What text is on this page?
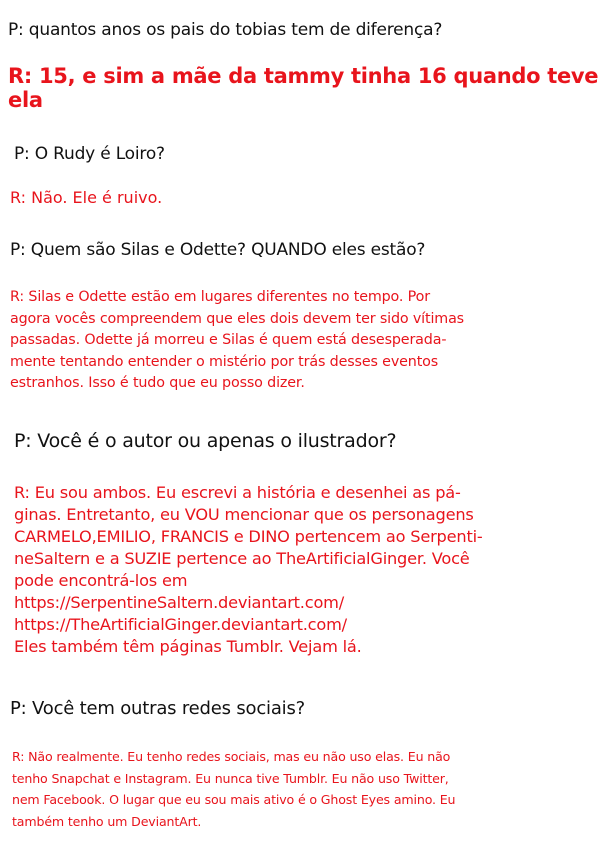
P: quantos anos os pais do tobias tem de diferença?
R: 15, e sim a mãe da tammy tinha 16 quando teve
ela
P: O Rudy é Loiro?
R: Não. Ele é ruivo.
P: Quem são Silas e Odette? QUANDO eles estão?
R: Silas e Odette estão em lugares diferentes no tempo. Por
agora vocês compreendem que eles dois devem ter sido vítimas
passadas. Odette já morreu e Silas é quem está desesperada-
mente tentando entender o mistério por trás desses eventos
estranhos. Isso é tudo que eu posso dizer.
P: Você é o autor ou apenas o ilustrador?
R: Eu sou ambos. Eu escrevi a história e desenhei as pá-
ginas. Entretanto, eu VOU mencionar que os personagens
CARMELO,EMILIO, FRANCIS e DINO pertencem ao Serpenti-
neSaltern e a SUZIE pertence ao TheArtificialGinger. Você
pode encontrá-los em
https://SerpentineSaltern.deviantart.com/
https://TheArtificialGinger.deviantart.com/
Eles também têm páginas Tumblr. Vejam lá.
P: Você tem outras redes sociais?
R: Não realmente. Eu tenho redes sociais, mas eu não uso elas. Eu não
tenho Snapchat e Instagram. Eu nunca tive Tumblr. Eu não uso Twitter,
nem Facebook. O lugar que eu sou mais ativo é o Ghost Eyes amino. Eu
também tenho um DeviantArt.
